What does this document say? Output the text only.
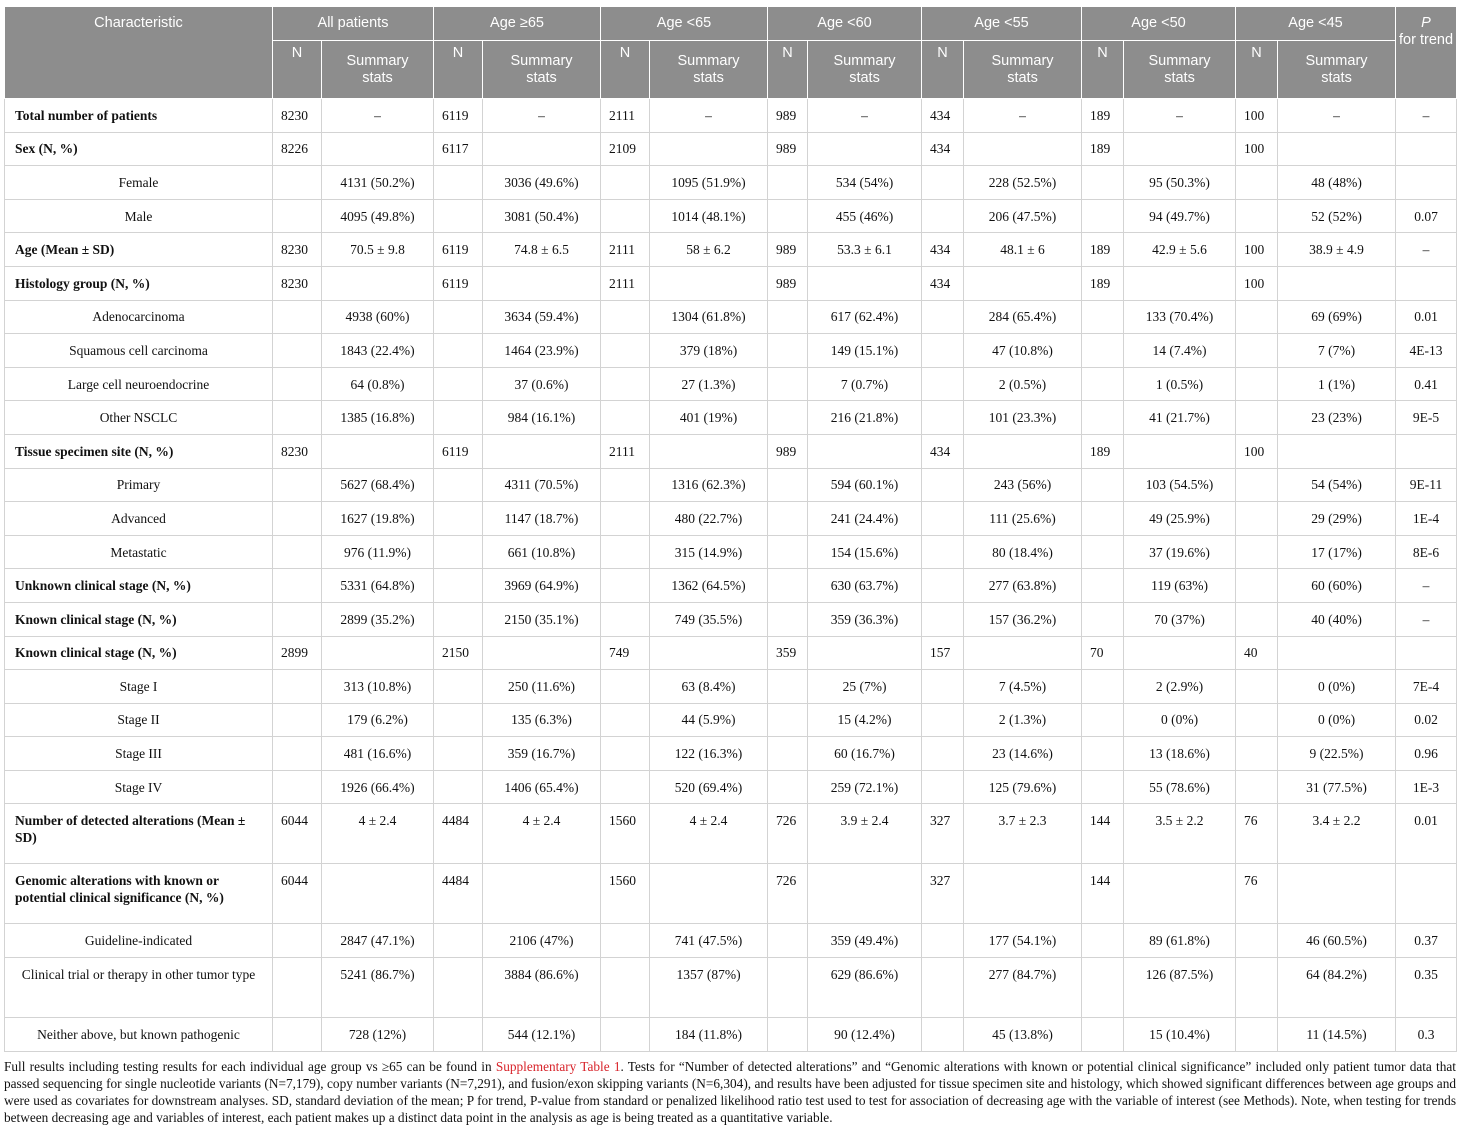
Characteristic	All patients		Age ≥65		Age <65		Age <60		Age <55		Age <50		Age <45		P
for trend
	N	Summary stats	N	Summary stats	N	Summary stats	N	Summary stats	N	Summary stats	N	Summary stats	N	Summary stats	
Total number of patients	8230	–	6119	–	2111	–	989	–	434	–	189	–	100	–	–
Sex (N, %)	8226		6117		2109		989		434		189		100		
Female		4131 (50.2%)		3036 (49.6%)		1095 (51.9%)		534 (54%)		228 (52.5%)		95 (50.3%)		48 (48%)	
Male		4095 (49.8%)		3081 (50.4%)		1014 (48.1%)		455 (46%)		206 (47.5%)		94 (49.7%)		52 (52%)	0.07
Age (Mean ± SD)	8230	70.5 ± 9.8	6119	74.8 ± 6.5	2111	58 ± 6.2	989	53.3 ± 6.1	434	48.1 ± 6	189	42.9 ± 5.6	100	38.9 ± 4.9	–
Histology group (N, %)	8230		6119		2111		989		434		189		100		
Adenocarcinoma		4938 (60%)		3634 (59.4%)		1304 (61.8%)		617 (62.4%)		284 (65.4%)		133 (70.4%)		69 (69%)	0.01
Squamous cell carcinoma		1843 (22.4%)		1464 (23.9%)		379 (18%)		149 (15.1%)		47 (10.8%)		14 (7.4%)		7 (7%)	4E-13
Large cell neuroendocrine		64 (0.8%)		37 (0.6%)		27 (1.3%)		7 (0.7%)		2 (0.5%)		1 (0.5%)		1 (1%)	0.41
Other NSCLC		1385 (16.8%)		984 (16.1%)		401 (19%)		216 (21.8%)		101 (23.3%)		41 (21.7%)		23 (23%)	9E-5
Tissue specimen site (N, %)	8230		6119		2111		989		434		189		100		
Primary		5627 (68.4%)		4311 (70.5%)		1316 (62.3%)		594 (60.1%)		243 (56%)		103 (54.5%)		54 (54%)	9E-11
Advanced		1627 (19.8%)		1147 (18.7%)		480 (22.7%)		241 (24.4%)		111 (25.6%)		49 (25.9%)		29 (29%)	1E-4
Metastatic		976 (11.9%)		661 (10.8%)		315 (14.9%)		154 (15.6%)		80 (18.4%)		37 (19.6%)		17 (17%)	8E-6
Unknown clinical stage (N, %)		5331 (64.8%)		3969 (64.9%)		1362 (64.5%)		630 (63.7%)		277 (63.8%)		119 (63%)		60 (60%)	–
Known clinical stage (N, %)		2899 (35.2%)		2150 (35.1%)		749 (35.5%)		359 (36.3%)		157 (36.2%)		70 (37%)		40 (40%)	–
Known clinical stage (N, %)	2899		2150		749		359		157		70		40		
Stage I		313 (10.8%)		250 (11.6%)		63 (8.4%)		25 (7%)		7 (4.5%)		2 (2.9%)		0 (0%)	7E-4
Stage II		179 (6.2%)		135 (6.3%)		44 (5.9%)		15 (4.2%)		2 (1.3%)		0 (0%)		0 (0%)	0.02
Stage III		481 (16.6%)		359 (16.7%)		122 (16.3%)		60 (16.7%)		23 (14.6%)		13 (18.6%)		9 (22.5%)	0.96
Stage IV		1926 (66.4%)		1406 (65.4%)		520 (69.4%)		259 (72.1%)		125 (79.6%)		55 (78.6%)		31 (77.5%)	1E-3
Number of detected alterations (Mean ± SD)	6044	4 ± 2.4	4484	4 ± 2.4	1560	4 ± 2.4	726	3.9 ± 2.4	327	3.7 ± 2.3	144	3.5 ± 2.2	76	3.4 ± 2.2	0.01
Genomic alterations with known or potential clinical significance (N, %)	6044		4484		1560		726		327		144		76		
Guideline-indicated		2847 (47.1%)		2106 (47%)		741 (47.5%)		359 (49.4%)		177 (54.1%)		89 (61.8%)		46 (60.5%)	0.37
Clinical trial or therapy in other tumor type		5241 (86.7%)		3884 (86.6%)		1357 (87%)		629 (86.6%)		277 (84.7%)		126 (87.5%)		64 (84.2%)	0.35
Neither above, but known pathogenic		728 (12%)		544 (12.1%)		184 (11.8%)		90 (12.4%)		45 (13.8%)		15 (10.4%)		11 (14.5%)	0.3
Full results including testing results for each individual age group vs ≥65 can be found in Supplementary Table 1. Tests for “Number of detected alterations” and “Genomic alterations with known or potential clinical significance” included only patient tumor data that passed sequencing for single nucleotide variants (N=7,179), copy number variants (N=7,291), and fusion/exon skipping variants (N=6,304), and results have been adjusted for tissue specimen site and histology, which showed significant differences between age groups and were used as covariates for downstream analyses. SD, standard deviation of the mean; P for trend, P-value from standard or penalized likelihood ratio test used to test for association of decreasing age with the variable of interest (see Methods). Note, when testing for trends between decreasing age and variables of interest, each patient makes up a distinct data point in the analysis as age is being treated as a quantitative variable.
